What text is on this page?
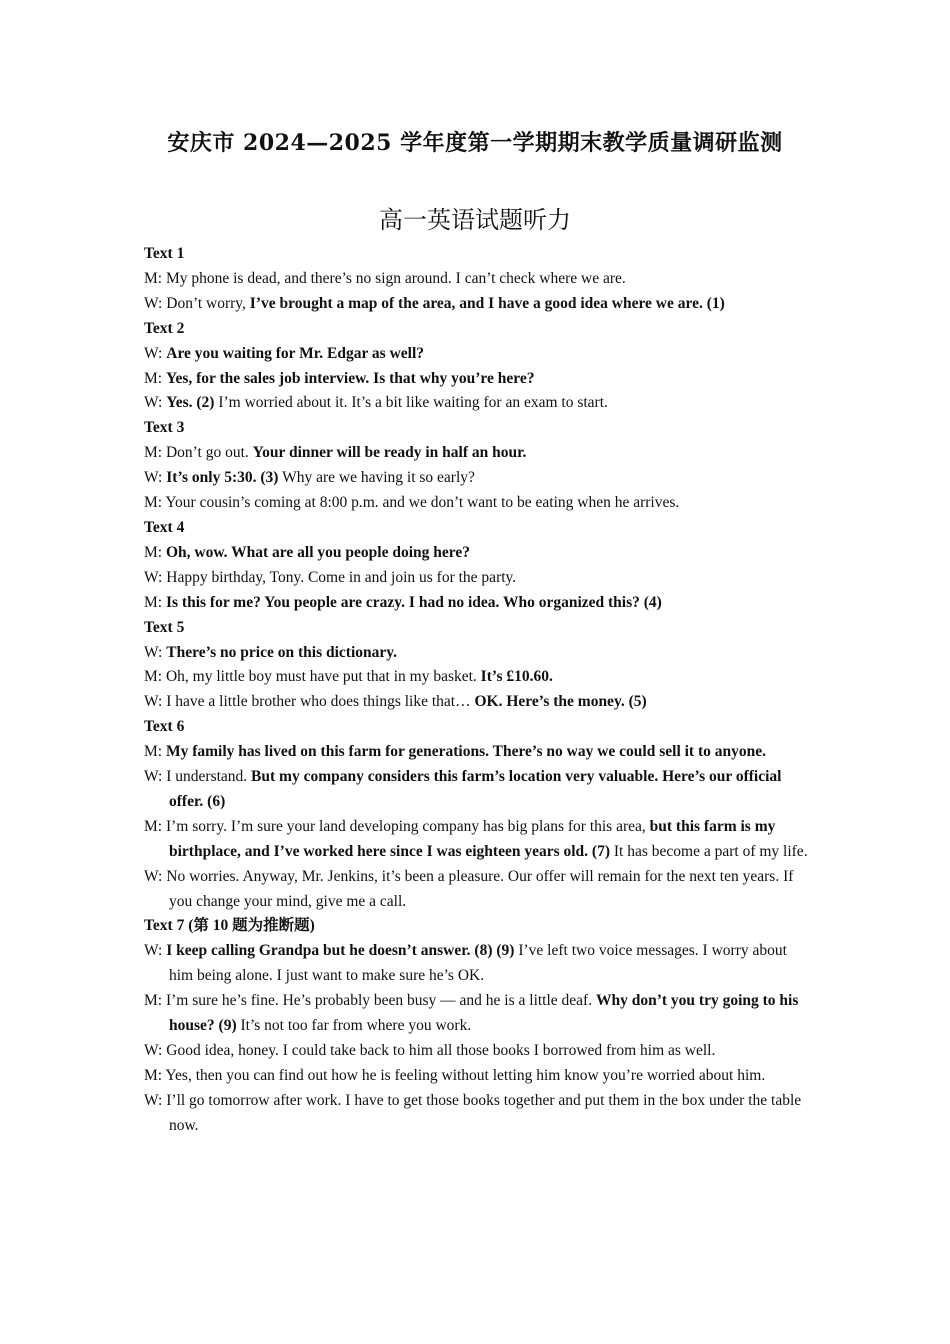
安庆市 2024—2025 学年度第一学期期末教学质量调研监测
高一英语试题听力
Text 1
M: My phone is dead, and there’s no sign around. I can’t check where we are.
W: Don’t worry, I’ve brought a map of the area, and I have a good idea where we are. (1)
Text 2
W: Are you waiting for Mr. Edgar as well?
M: Yes, for the sales job interview. Is that why you’re here?
W: Yes. (2) I’m worried about it. It’s a bit like waiting for an exam to start.
Text 3
M: Don’t go out. Your dinner will be ready in half an hour.
W: It’s only 5:30. (3) Why are we having it so early?
M: Your cousin’s coming at 8:00 p.m. and we don’t want to be eating when he arrives.
Text 4
M: Oh, wow. What are all you people doing here?
W: Happy birthday, Tony. Come in and join us for the party.
M: Is this for me? You people are crazy. I had no idea. Who organized this? (4)
Text 5
W: There’s no price on this dictionary.
M: Oh, my little boy must have put that in my basket. It’s £10.60.
W: I have a little brother who does things like that… OK. Here’s the money. (5)
Text 6
M: My family has lived on this farm for generations. There’s no way we could sell it to anyone.
W: I understand. But my company considers this farm’s location very valuable. Here’s our official offer. (6)
M: I’m sorry. I’m sure your land developing company has big plans for this area, but this farm is my birthplace, and I’ve worked here since I was eighteen years old. (7) It has become a part of my life.
W: No worries. Anyway, Mr. Jenkins, it’s been a pleasure. Our offer will remain for the next ten years. If you change your mind, give me a call.
Text 7 (第 10 题为推断题)
W: I keep calling Grandpa but he doesn’t answer. (8) (9) I’ve left two voice messages. I worry about him being alone. I just want to make sure he’s OK.
M: I’m sure he’s fine. He’s probably been busy — and he is a little deaf. Why don’t you try going to his house? (9) It’s not too far from where you work.
W: Good idea, honey. I could take back to him all those books I borrowed from him as well.
M: Yes, then you can find out how he is feeling without letting him know you’re worried about him.
W: I’ll go tomorrow after work. I have to get those books together and put them in the box under the table now.
